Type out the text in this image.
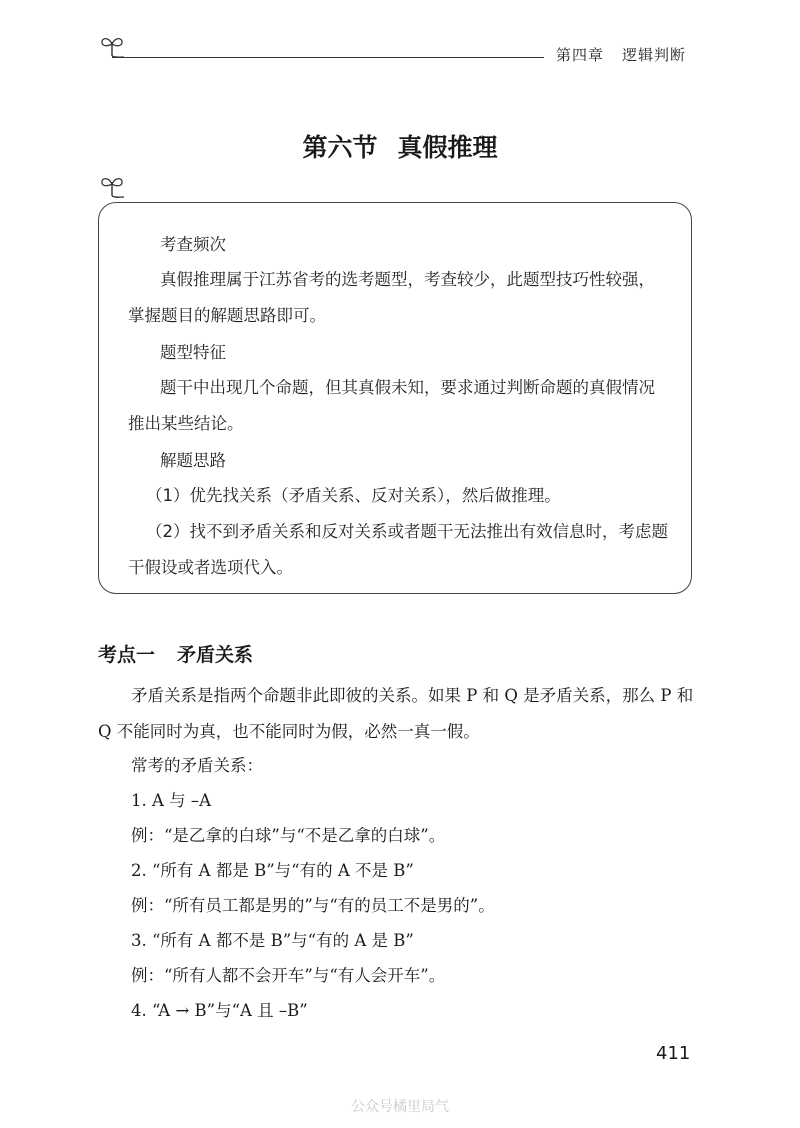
第四章 逻辑判断
第六节 真假推理
考查频次
真假推理属于江苏省考的选考题型，考查较少，此题型技巧性较强，掌握题目的解题思路即可。
题型特征
题干中出现几个命题，但其真假未知，要求通过判断命题的真假情况推出某些结论。
解题思路
（1）优先找关系（矛盾关系、反对关系），然后做推理。
（2）找不到矛盾关系和反对关系或者题干无法推出有效信息时，考虑题干假设或者选项代入。
考点一 矛盾关系
矛盾关系是指两个命题非此即彼的关系。如果 P 和 Q 是矛盾关系，那么 P 和 Q 不能同时为真，也不能同时为假，必然一真一假。
常考的矛盾关系：
1. A 与 –A
例：“是乙拿的白球”与“不是乙拿的白球”。
2. “所有 A 都是 B”与“有的 A 不是 B”
例：“所有员工都是男的”与“有的员工不是男的”。
3. “所有 A 都不是 B”与“有的 A 是 B”
例：“所有人都不会开车”与“有人会开车”。
4. “A → B”与“A 且 –B”
411
公众号橘里局气
